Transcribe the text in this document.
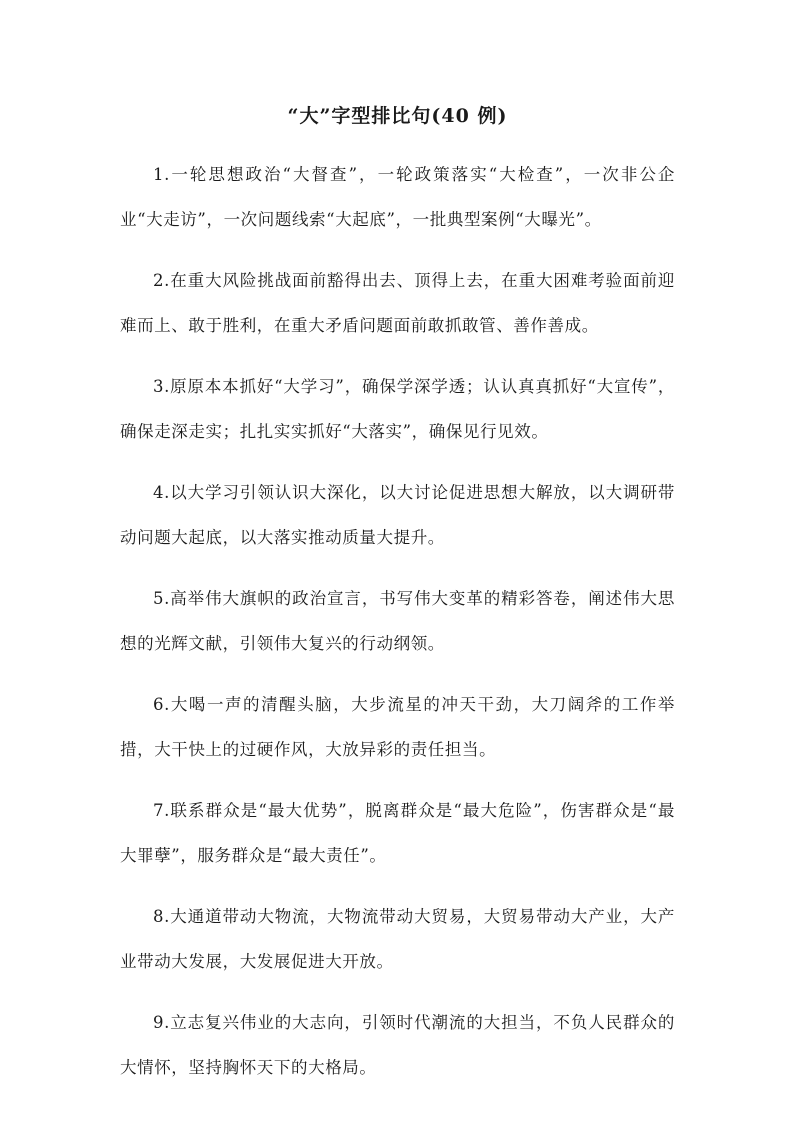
“大”字型排比句(40 例)

1.一轮思想政治“大督查”，一轮政策落实“大检查”，一次非公企业“大走访”，一次问题线索“大起底”，一批典型案例“大曝光”。

2.在重大风险挑战面前豁得出去、顶得上去，在重大困难考验面前迎难而上、敢于胜利，在重大矛盾问题面前敢抓敢管、善作善成。

3.原原本本抓好“大学习”，确保学深学透；认认真真抓好“大宣传”，确保走深走实；扎扎实实抓好“大落实”，确保见行见效。

4.以大学习引领认识大深化，以大讨论促进思想大解放，以大调研带动问题大起底，以大落实推动质量大提升。

5.高举伟大旗帜的政治宣言，书写伟大变革的精彩答卷，阐述伟大思想的光辉文献，引领伟大复兴的行动纲领。

6.大喝一声的清醒头脑，大步流星的冲天干劲，大刀阔斧的工作举措，大干快上的过硬作风，大放异彩的责任担当。

7.联系群众是“最大优势”，脱离群众是“最大危险”，伤害群众是“最大罪孽”，服务群众是“最大责任”。

8.大通道带动大物流，大物流带动大贸易，大贸易带动大产业，大产业带动大发展，大发展促进大开放。

9.立志复兴伟业的大志向，引领时代潮流的大担当，不负人民群众的大情怀，坚持胸怀天下的大格局。
